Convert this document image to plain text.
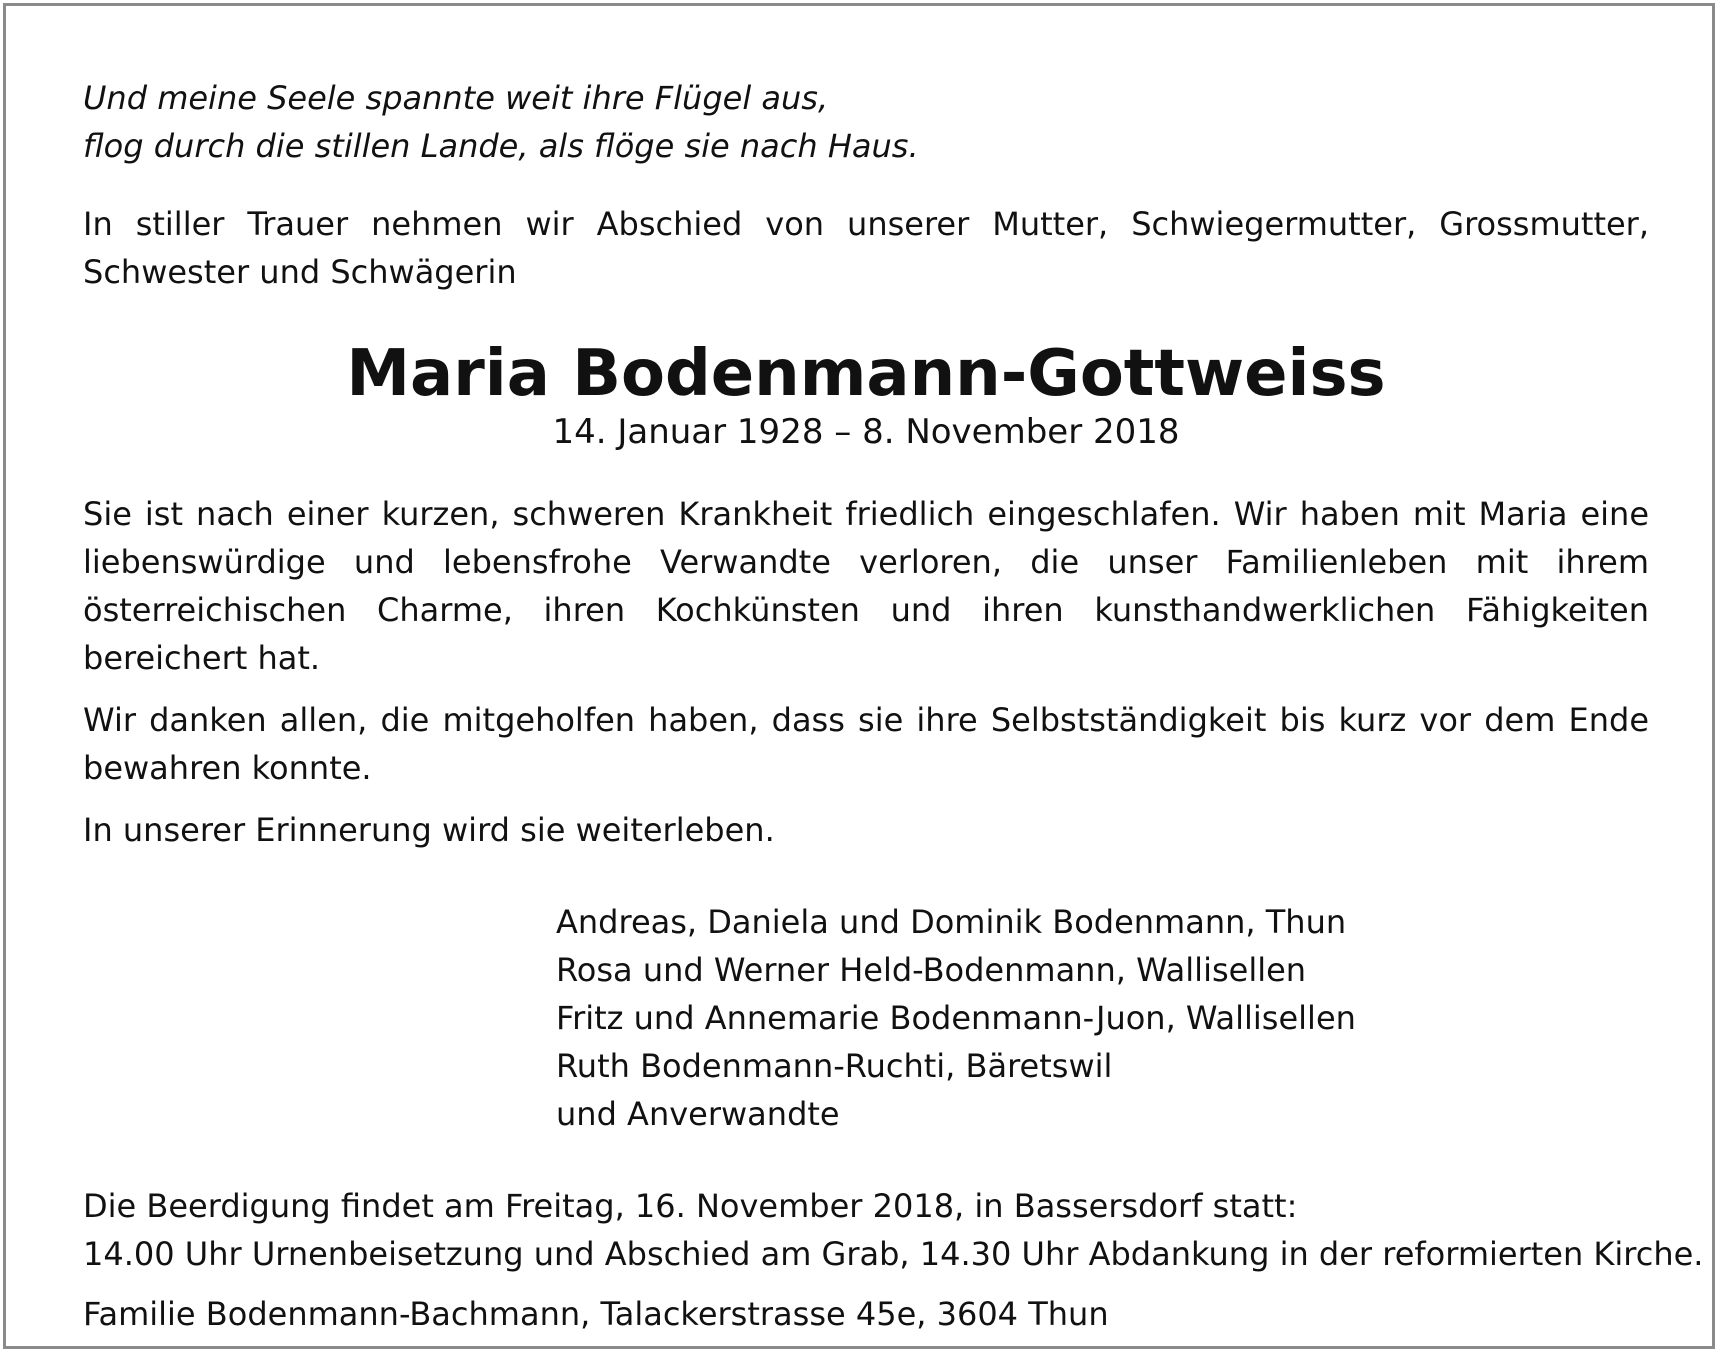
Und meine Seele spannte weit ihre Flügel aus,
flog durch die stillen Lande, als flöge sie nach Haus.

In stiller Trauer nehmen wir Abschied von unserer Mutter, Schwiegermutter, Grossmutter, Schwester und Schwägerin

Maria Bodenmann-Gottweiss
14. Januar 1928 – 8. November 2018

Sie ist nach einer kurzen, schweren Krankheit friedlich eingeschlafen. Wir haben mit Maria eine liebenswürdige und lebensfrohe Verwandte verloren, die unser Familienleben mit ihrem österreichischen Charme, ihren Kochkünsten und ihren kunsthandwerklichen Fähigkeiten bereichert hat.

Wir danken allen, die mitgeholfen haben, dass sie ihre Selbstständigkeit bis kurz vor dem Ende bewahren konnte.

In unserer Erinnerung wird sie weiterleben.

Andreas, Daniela und Dominik Bodenmann, Thun
Rosa und Werner Held-Bodenmann, Wallisellen
Fritz und Annemarie Bodenmann-Juon, Wallisellen
Ruth Bodenmann-Ruchti, Bäretswil
und Anverwandte
Die Beerdigung findet am Freitag, 16. November 2018, in Bassersdorf statt:
14.00 Uhr Urnenbeisetzung und Abschied am Grab, 14.30 Uhr Abdankung in der reformierten Kirche.
Familie Bodenmann-Bachmann, Talackerstrasse 45e, 3604 Thun
